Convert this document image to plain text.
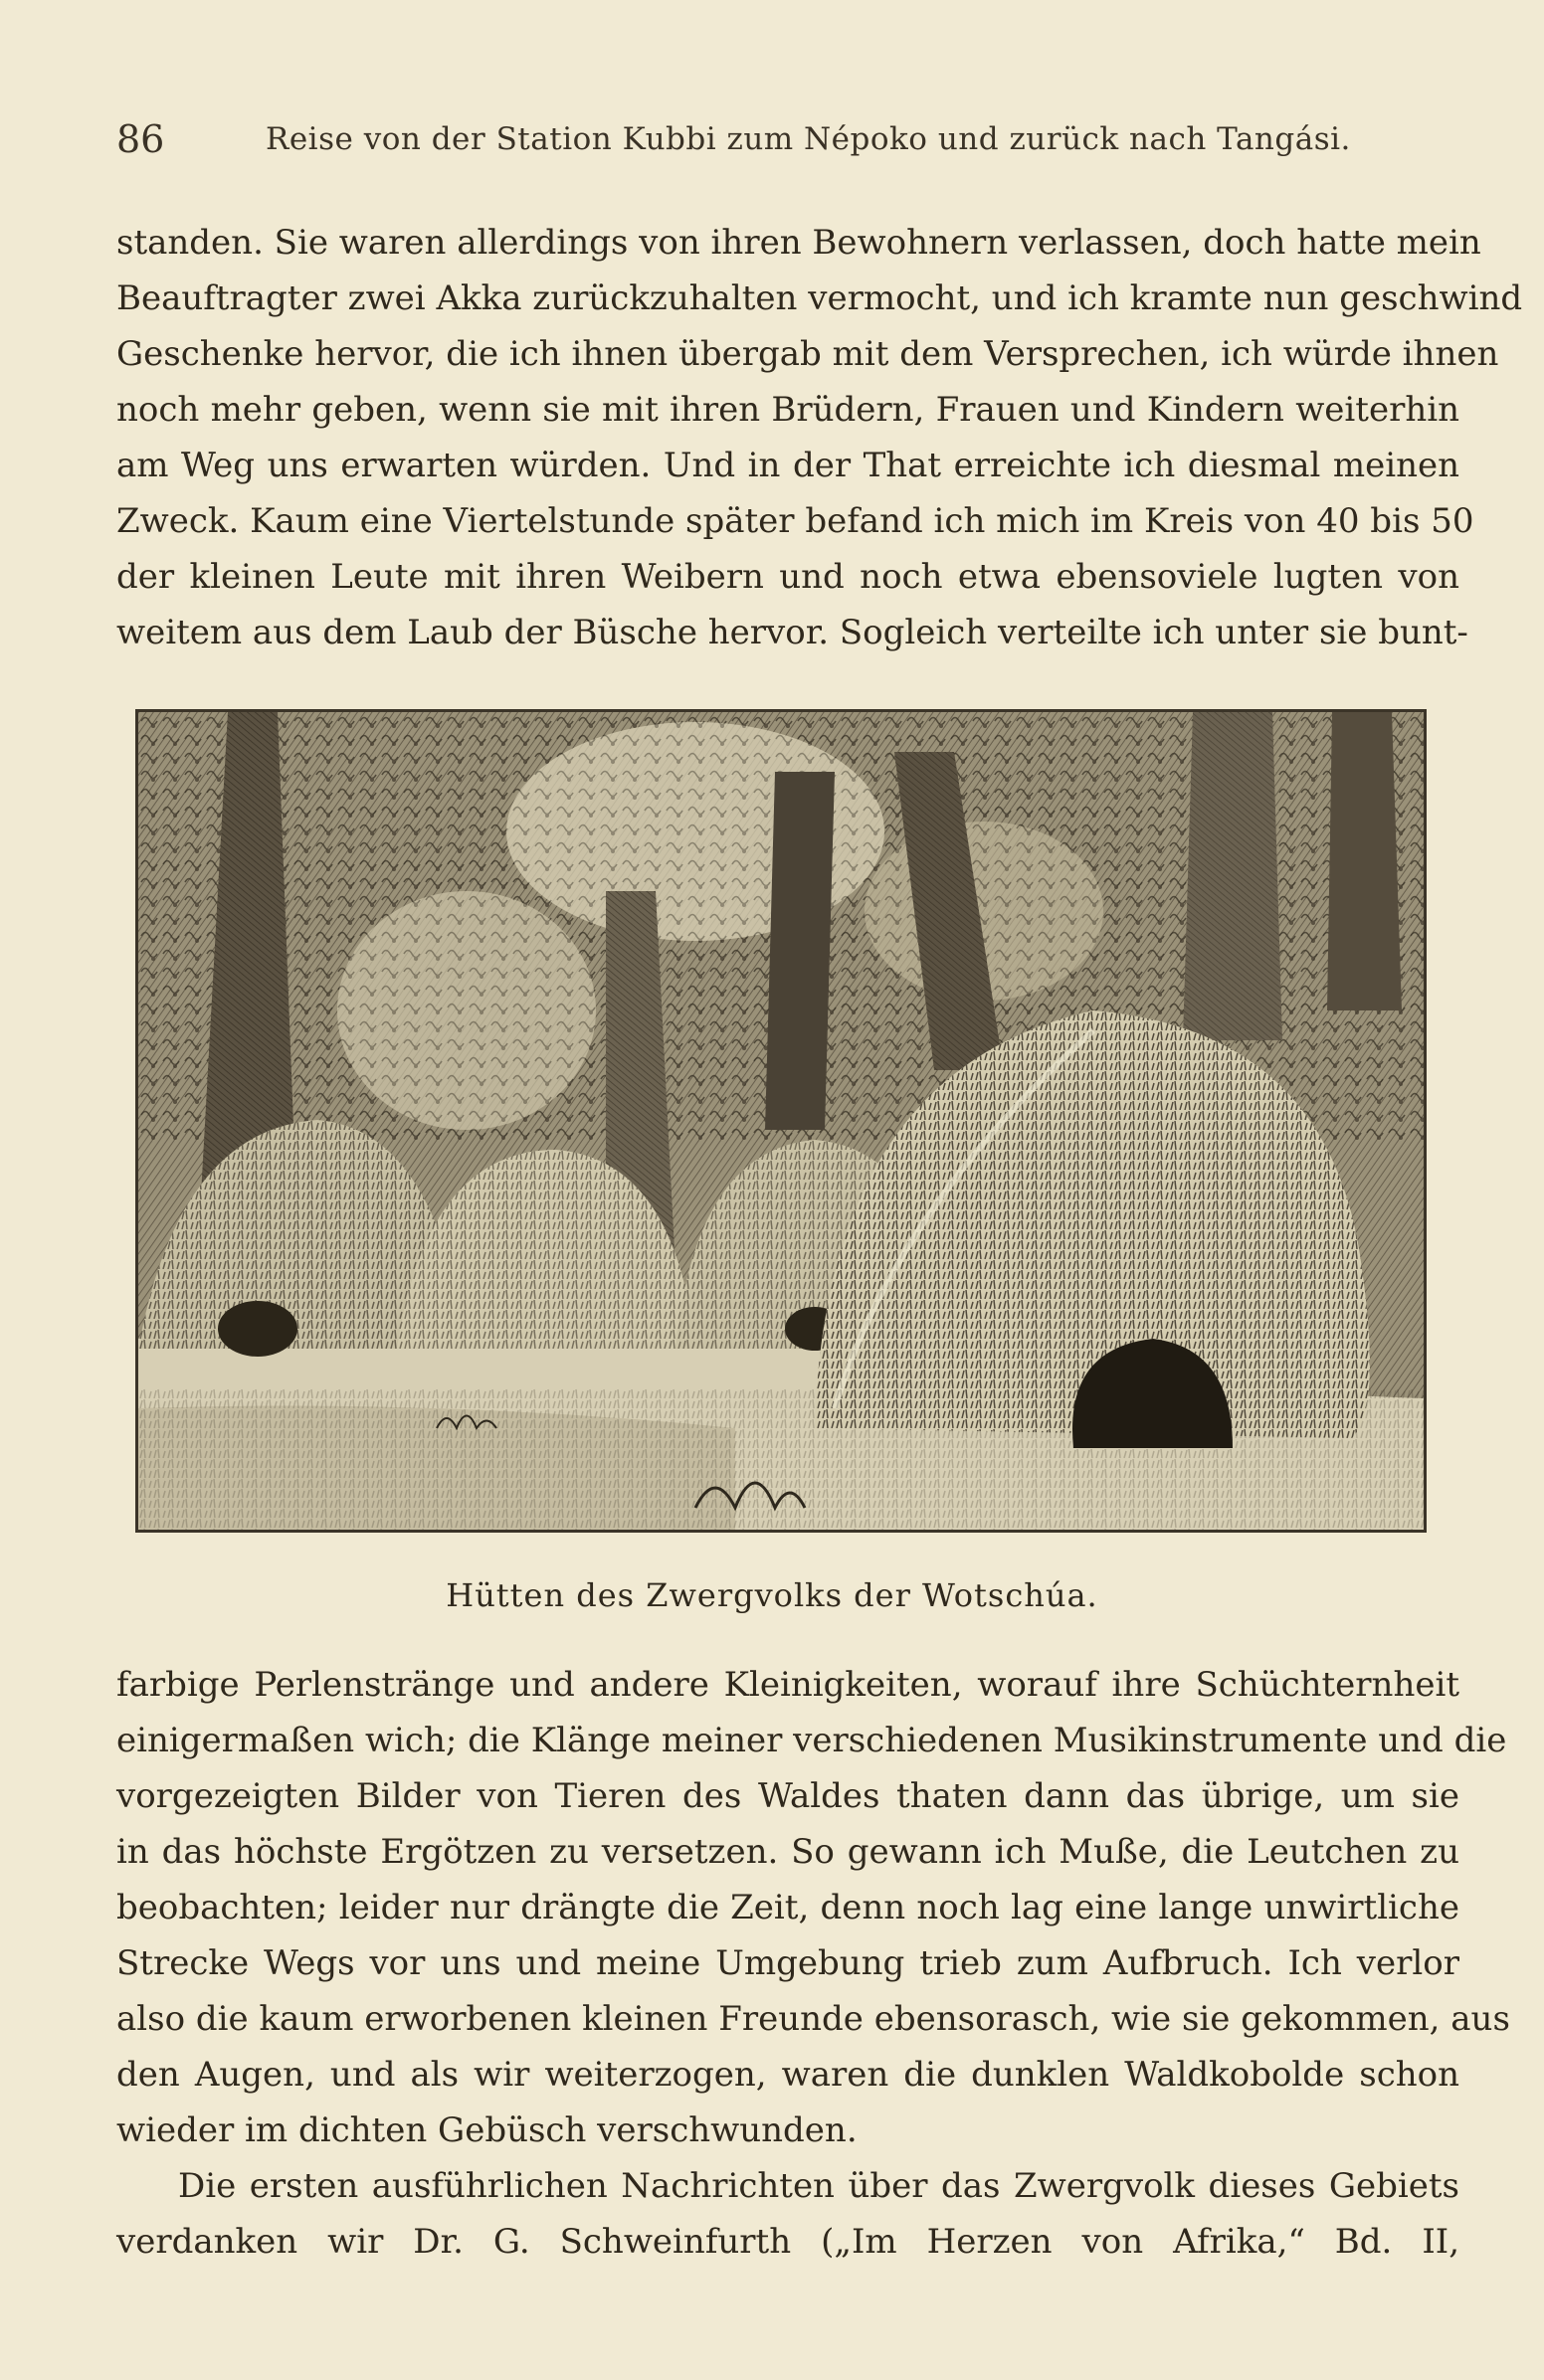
86	Reise von der Station Kubbi zum Népoko und zurück nach Tangási.
standen. Sie waren allerdings von ihren Bewohnern verlassen, doch hatte mein
Beauftragter zwei Akka zurückzuhalten vermocht, und ich kramte nun geschwind
Geschenke hervor, die ich ihnen übergab mit dem Versprechen, ich würde ihnen
noch mehr geben, wenn sie mit ihren Brüdern, Frauen und Kindern weiterhin
am Weg uns erwarten würden. Und in der That erreichte ich diesmal meinen
Zweck. Kaum eine Viertelstunde später befand ich mich im Kreis von 40 bis 50
der kleinen Leute mit ihren Weibern und noch etwa ebensoviele lugten von
weitem aus dem Laub der Büsche hervor. Sogleich verteilte ich unter sie bunt-
Hütten des Zwergvolks der Wotschúa.
farbige Perlenstränge und andere Kleinigkeiten, worauf ihre Schüchternheit
einigermaßen wich; die Klänge meiner verschiedenen Musikinstrumente und die
vorgezeigten Bilder von Tieren des Waldes thaten dann das übrige, um sie
in das höchste Ergötzen zu versetzen. So gewann ich Muße, die Leutchen zu
beobachten; leider nur drängte die Zeit, denn noch lag eine lange unwirtliche
Strecke Wegs vor uns und meine Umgebung trieb zum Aufbruch. Ich verlor
also die kaum erworbenen kleinen Freunde ebensorasch, wie sie gekommen, aus
den Augen, und als wir weiterzogen, waren die dunklen Waldkobolde schon
wieder im dichten Gebüsch verschwunden.
Die ersten ausführlichen Nachrichten über das Zwergvolk dieses Gebiets
verdanken wir Dr. G. Schweinfurth („Im Herzen von Afrika,“ Bd. II,
